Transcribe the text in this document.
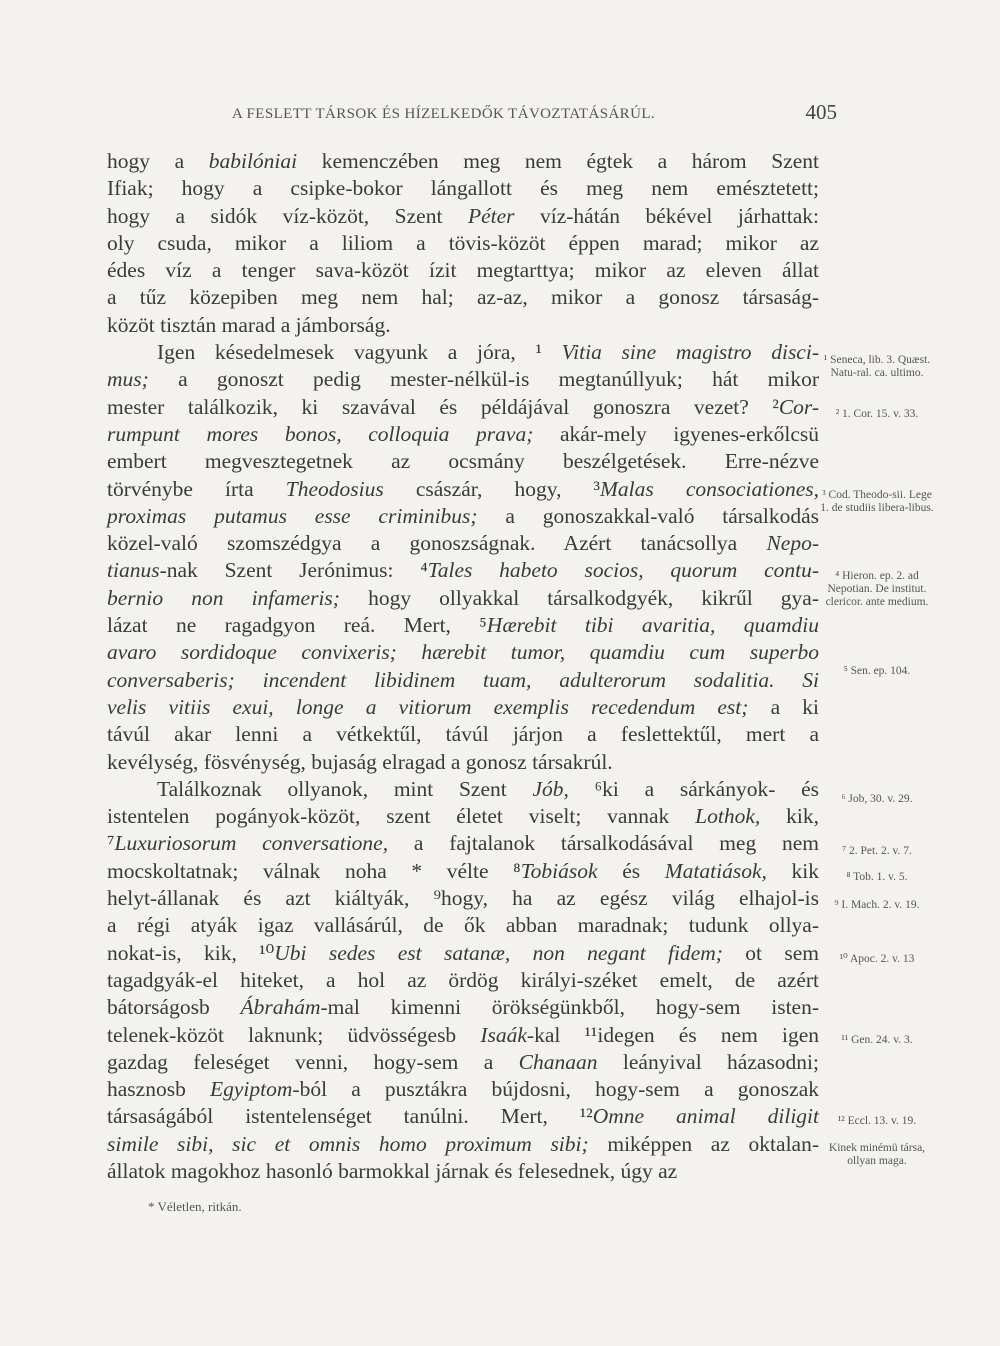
A FESLETT TÁRSOK ÉS HÍZELKEDŐK TÁVOZTATÁSÁRÚL.	405
hogy a babilóniai kemenczében meg nem égtek a három Szent
Ifiak; hogy a csipke-bokor lángallott és meg nem emésztetett;
hogy a sidók víz-közöt, Szent Péter víz-hátán békével járhattak:
oly csuda, mikor a liliom a tövis-közöt éppen marad; mikor az
édes víz a tenger sava-közöt ízit megtarttya; mikor az eleven állat
a tűz közepiben meg nem hal; az-az, mikor a gonosz társaság-
közöt tisztán marad a jámborság.
Igen késedelmesek vagyunk a jóra, ¹ Vitia sine magistro disci-
mus; a gonoszt pedig mester-nélkül-is megtanúllyuk; hát mikor
mester találkozik, ki szavával és példájával gonoszra vezet? ²Cor-
rumpunt mores bonos, colloquia prava; akár-mely igyenes-erkőlcsü
embert megvesztegetnek az ocsmány beszélgetések. Erre-nézve
törvénybe írta Theodosius császár, hogy, ³Malas consociationes,
proximas putamus esse criminibus; a gonoszakkal-való társalkodás
közel-való szomszédgya a gonoszságnak. Azért tanácsollya Nepo-
tianus-nak Szent Jerónimus: ⁴Tales habeto socios, quorum contu-
bernio non infameris; hogy ollyakkal társalkodgyék, kikrűl gya-
lázat ne ragadgyon reá. Mert, ⁵Hærebit tibi avaritia, quamdiu
avaro sordidoque convixeris; hærebit tumor, quamdiu cum superbo
conversaberis; incendent libidinem tuam, adulterorum sodalitia. Si
velis vitiis exui, longe a vitiorum exemplis recedendum est; a ki
távúl akar lenni a vétkektűl, távúl járjon a feslettektűl, mert a
kevélység, fösvénység, bujaság elragad a gonosz társakrúl.
Találkoznak ollyanok, mint Szent Jób, ⁶ki a sárkányok- és
istentelen pogányok-közöt, szent életet viselt; vannak Lothok, kik,
⁷Luxuriosorum conversatione, a fajtalanok társalkodásával meg nem
mocskoltatnak; válnak noha * vélte ⁸Tobiások és Matatiások, kik
helyt-állanak és azt kiáltyák, ⁹hogy, ha az egész világ elhajol-is
a régi atyák igaz vallásárúl, de ők abban maradnak; tudunk ollya-
nokat-is, kik, ¹⁰Ubi sedes est satanæ, non negant fidem; ot sem
tagadgyák-el hiteket, a hol az ördög királyi-széket emelt, de azért
bátorságosb Ábrahám-mal kimenni örökségünkből, hogy-sem isten-
telenek-közöt laknunk; üdvösségesb Isaák-kal ¹¹idegen és nem igen
gazdag feleséget venni, hogy-sem a Chanaan leányival házasodni;
hasznosb Egyiptom-ból a pusztákra bújdosni, hogy-sem a gonoszak
társaságából istentelenséget tanúlni. Mert, ¹²Omne animal diligit
simile sibi, sic et omnis homo proximum sibi; miképpen az oktalan-
állatok magokhoz hasonló barmokkal járnak és felesednek, úgy az
¹ Seneca, lib. 3. Quæst. Natu-ral. ca. ultimo.
² 1. Cor. 15. v. 33.
³ Cod. Theodo-sii. Lege 1. de studiis libera-libus.
⁴ Hieron. ep. 2. ad Nepotian. De institut. clericor. ante medium.
⁵ Sen. ep. 104.
⁶ Job, 30. v. 29.
⁷ 2. Pet. 2. v. 7.
⁸ Tob. 1. v. 5.
⁹ I. Mach. 2. v. 19.
¹⁰ Apoc. 2. v. 13
¹¹ Gen. 24. v. 3.
¹² Eccl. 13. v. 19.
Kinek minémü társa, ollyan maga.
* Véletlen, ritkán.
